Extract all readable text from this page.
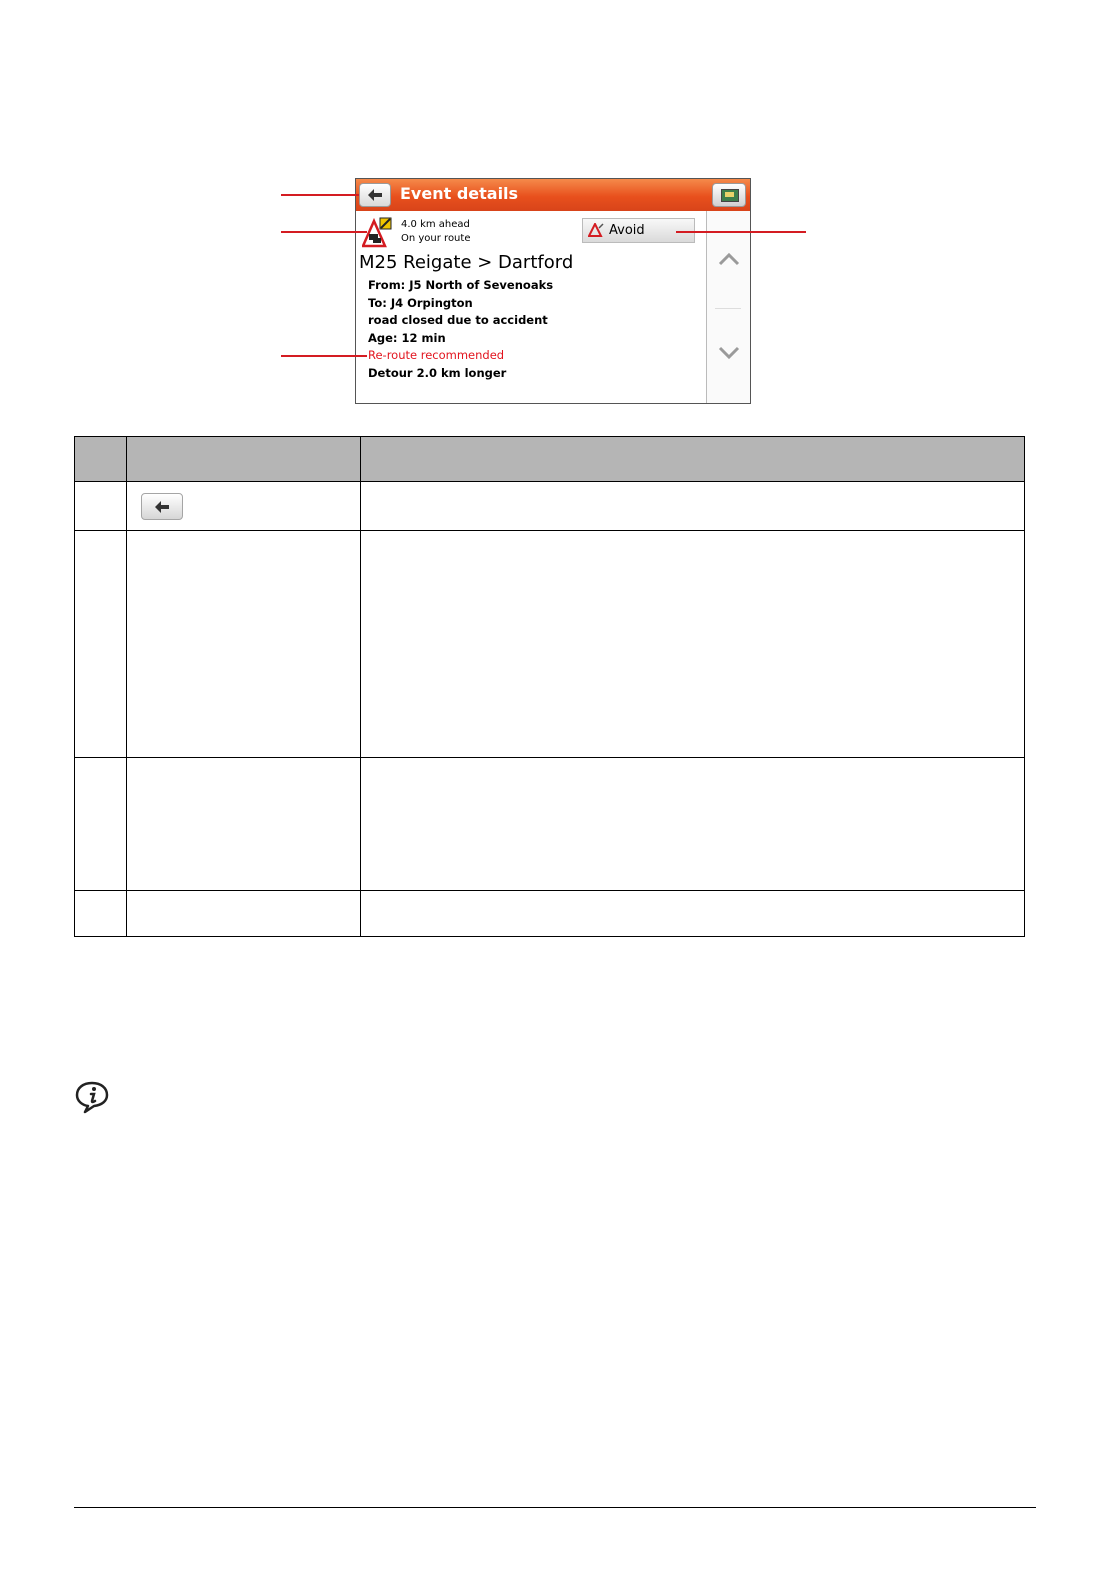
Event details
4.0 km ahead
On your route
Avoid
M25 Reigate > Dartford
From: J5 North of Sevenoaks
To: J4 Orpington
road closed due to accident
Age: 12 min
Re-route recommended
Detour 2.0 km longer
